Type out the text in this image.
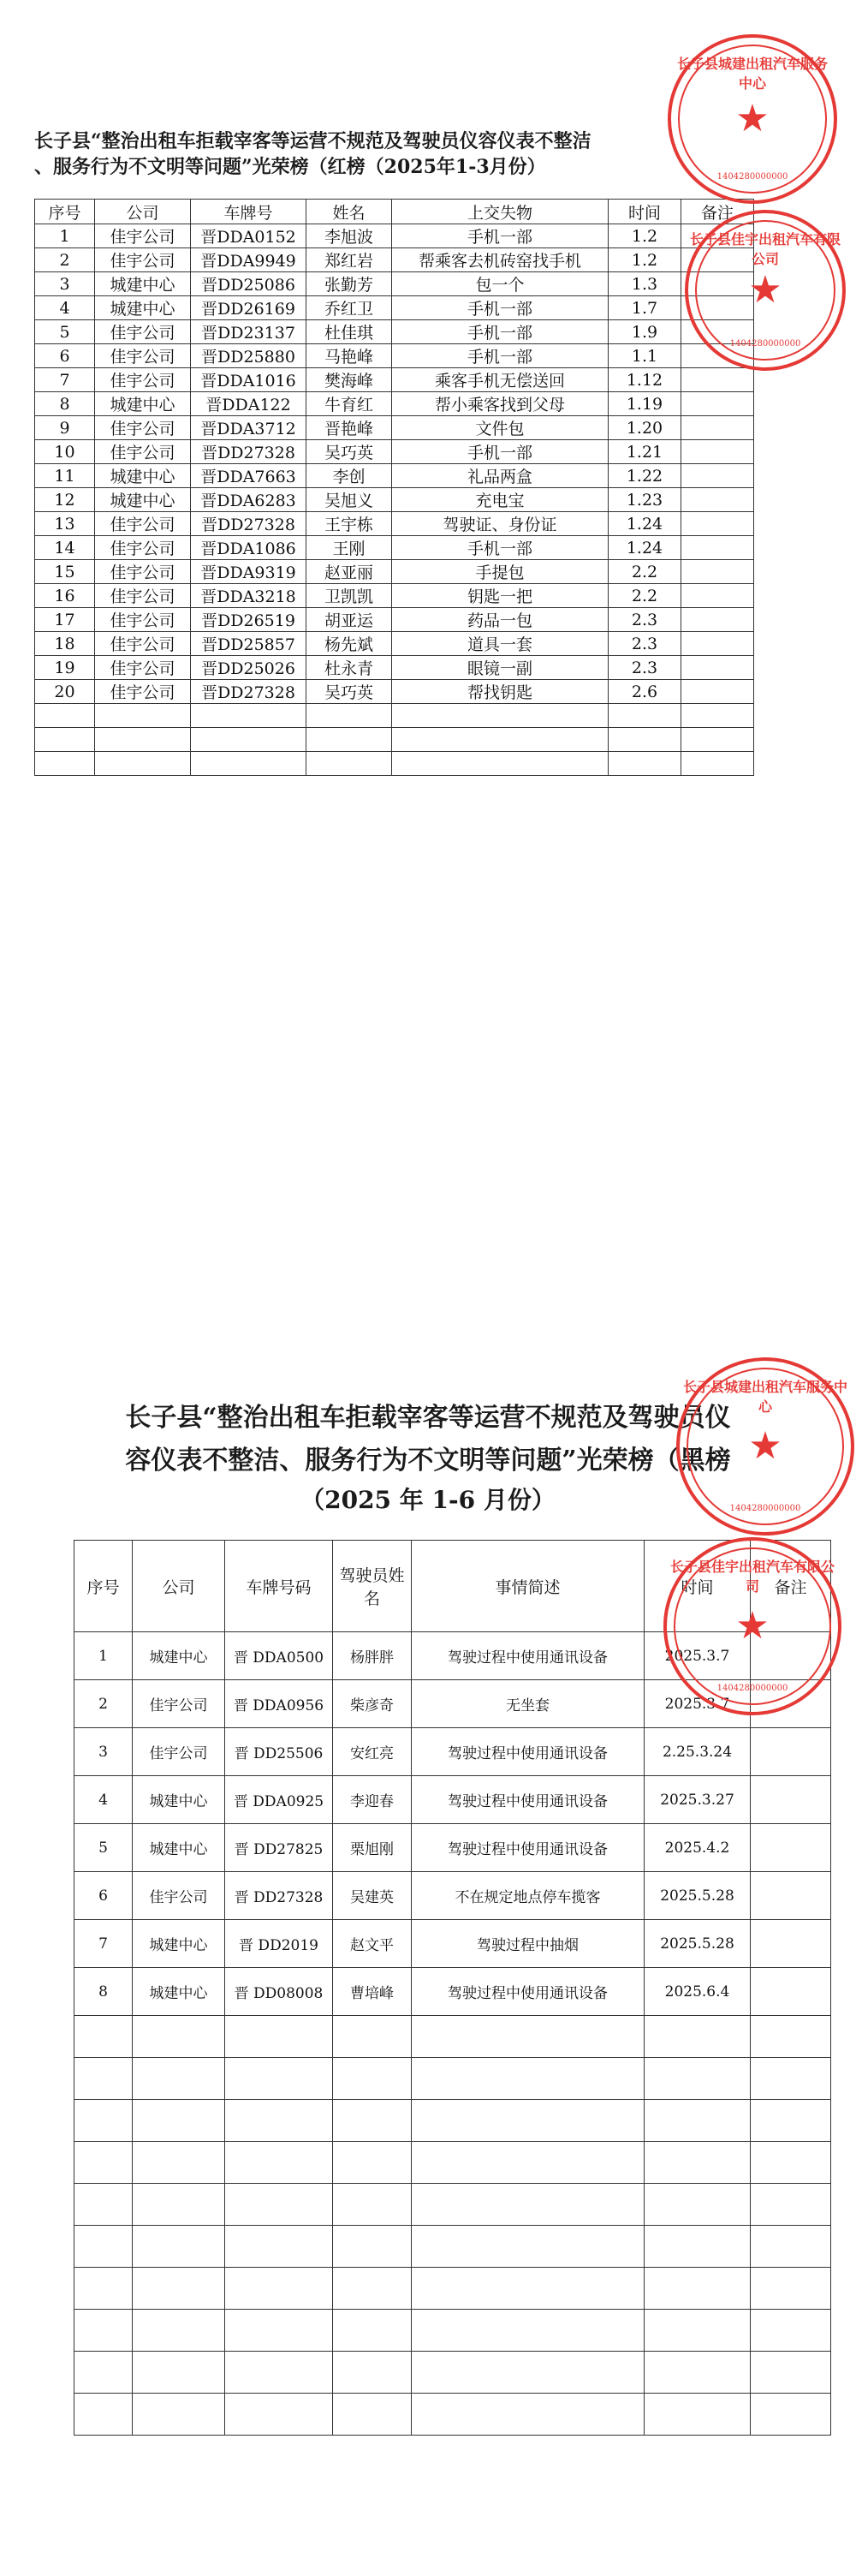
长子县“整治出租车拒载宰客等运营不规范及驾驶员仪容仪表不整洁
、服务行为不文明等问题”光荣榜（红榜（2025年1-3月份）
序号	公司	车牌号	姓名	上交失物	时间	备注
1	佳宇公司	晋DDA0152	李旭波	手机一部	1.2	
2	佳宇公司	晋DDA9949	郑红岩	帮乘客去机砖窑找手机	1.2	
3	城建中心	晋DD25086	张勤芳	包一个	1.3	
4	城建中心	晋DD26169	乔红卫	手机一部	1.7	
5	佳宇公司	晋DD23137	杜佳琪	手机一部	1.9	
6	佳宇公司	晋DD25880	马艳峰	手机一部	1.1	
7	佳宇公司	晋DDA1016	樊海峰	乘客手机无偿送回	1.12	
8	城建中心	晋DDA122	牛育红	帮小乘客找到父母	1.19	
9	佳宇公司	晋DDA3712	晋艳峰	文件包	1.20	
10	佳宇公司	晋DD27328	吴巧英	手机一部	1.21	
11	城建中心	晋DDA7663	李创	礼品两盒	1.22	
12	城建中心	晋DDA6283	吴旭义	充电宝	1.23	
13	佳宇公司	晋DD27328	王宇栋	驾驶证、身份证	1.24	
14	佳宇公司	晋DDA1086	王刚	手机一部	1.24	
15	佳宇公司	晋DDA9319	赵亚丽	手提包	2.2	
16	佳宇公司	晋DDA3218	卫凯凯	钥匙一把	2.2	
17	佳宇公司	晋DD26519	胡亚运	药品一包	2.3	
18	佳宇公司	晋DD25857	杨先斌	道具一套	2.3	
19	佳宇公司	晋DD25026	杜永青	眼镜一副	2.3	
20	佳宇公司	晋DD27328	吴巧英	帮找钥匙	2.6	

长子县城建出租汽车服务中心
★
1404280000000
长子县佳宇出租汽车有限公司
★
1404280000000
长子县“整治出租车拒载宰客等运营不规范及驾驶员仪
容仪表不整洁、服务行为不文明等问题”光荣榜（黑榜
（2025 年 1-6 月份）
序号	公司	车牌号码	驾驶员姓名	事情简述	时间	备注
1	城建中心	晋 DDA0500	杨胖胖	驾驶过程中使用通讯设备	2025.3.7	
2	佳宇公司	晋 DDA0956	柴彦奇	无坐套	2025.3.7	
3	佳宇公司	晋 DD25506	安红亮	驾驶过程中使用通讯设备	2.25.3.24	
4	城建中心	晋 DDA0925	李迎春	驾驶过程中使用通讯设备	2025.3.27	
5	城建中心	晋 DD27825	栗旭刚	驾驶过程中使用通讯设备	2025.4.2	
6	佳宇公司	晋 DD27328	吴建英	不在规定地点停车揽客	2025.5.28	
7	城建中心	晋 DD2019	赵文平	驾驶过程中抽烟	2025.5.28	
8	城建中心	晋 DD08008	曹培峰	驾驶过程中使用通讯设备	2025.6.4	

长子县城建出租汽车服务中心
★
1404280000000
长子县佳宇出租汽车有限公司
★
1404280000000
